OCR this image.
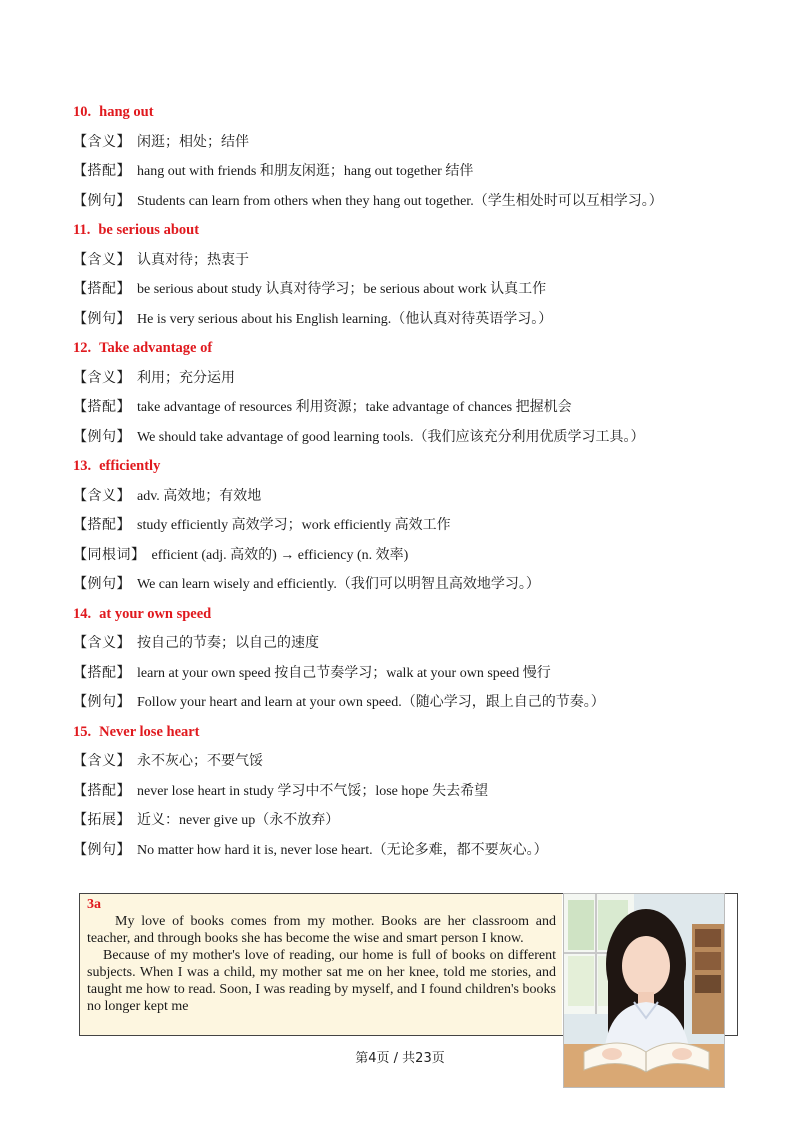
10. hang out
【含义】 闲逛；相处；结伴
【搭配】 hang out with friends 和朋友闲逛；hang out together 结伴
【例句】 Students can learn from others when they hang out together.（学生相处时可以互相学习。）
11. be serious about
【含义】 认真对待；热衷于
【搭配】 be serious about study 认真对待学习；be serious about work 认真工作
【例句】 He is very serious about his English learning.（他认真对待英语学习。）
12. Take advantage of
【含义】 利用；充分运用
【搭配】 take advantage of resources 利用资源；take advantage of chances 把握机会
【例句】 We should take advantage of good learning tools.（我们应该充分利用优质学习工具。）
13. efficiently
【含义】 adv. 高效地；有效地
【搭配】 study efficiently 高效学习；work efficiently 高效工作
【同根词】 efficient (adj. 高效的) → efficiency (n. 效率)
【例句】 We can learn wisely and efficiently.（我们可以明智且高效地学习。）
14. at your own speed
【含义】 按自己的节奏；以自己的速度
【搭配】 learn at your own speed 按自己节奏学习；walk at your own speed 慢行
【例句】 Follow your heart and learn at your own speed.（随心学习，跟上自己的节奏。）
15. Never lose heart
【含义】 永不灰心；不要气馁
【搭配】 never lose heart in study 学习中不气馁；lose hope 失去希望
【拓展】 近义：never give up（永不放弃）
【例句】 No matter how hard it is, never lose heart.（无论多难，都不要灰心。）
3a

My love of books comes from my mother. Books are her classroom and teacher, and through books she has become the wise and smart person I know.

Because of my mother's love of reading, our home is full of books on different subjects. When I was a child, my mother sat me on her knee, told me stories, and taught me how to read. Soon, I was reading by myself, and I found children's books no longer kept me

第4页 / 共23页
